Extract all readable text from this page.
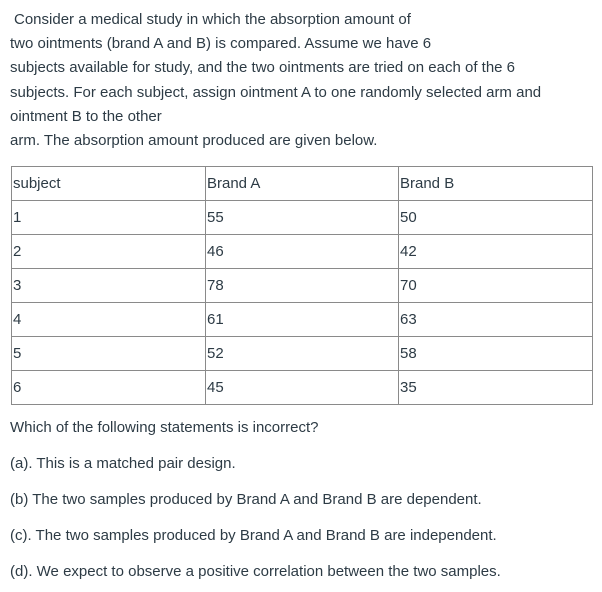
Consider a medical study in which the absorption amount of

two ointments (brand A and B) is compared. Assume we have 6

subjects available for study, and the two ointments are tried on each of the 6

subjects. For each subject, assign ointment A to one randomly selected arm and

ointment B to the other

arm. The absorption amount produced are given below.

subject	Brand A	Brand B
1	55	50
2	46	42
3	78	70
4	61	63
5	52	58
6	45	35

Which of the following statements is incorrect?

(a). This is a matched pair design.

(b) The two samples produced by Brand A and Brand B are dependent.

(c). The two samples produced by Brand A and Brand B are independent.

(d). We expect to observe a positive correlation between the two samples.
